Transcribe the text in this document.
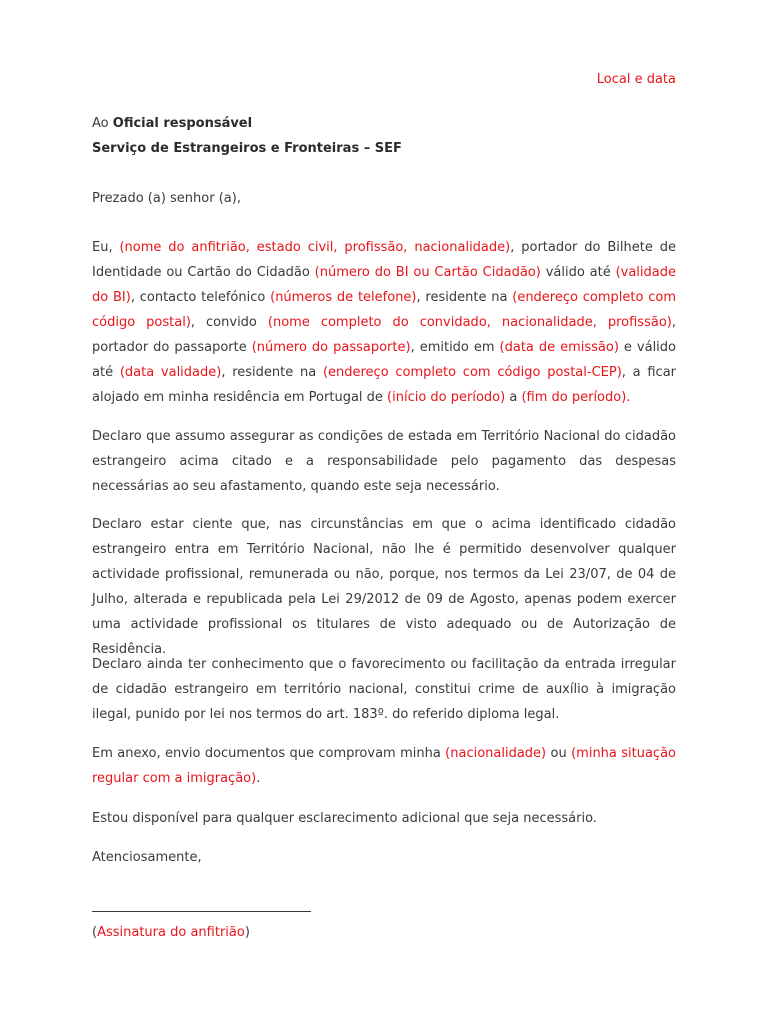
Local e data

Ao Oficial responsável

Serviço de Estrangeiros e Fronteiras – SEF

Prezado (a) senhor (a),

Eu, (nome do anfitrião, estado civil, profissão, nacionalidade), portador do Bilhete de Identidade ou Cartão do Cidadão (número do BI ou Cartão Cidadão) válido até (validade do BI), contacto telefónico (números de telefone), residente na (endereço completo com código postal), convido (nome completo do convidado, nacionalidade, profissão), portador do passaporte (número do passaporte), emitido em (data de emissão) e válido até (data validade), residente na (endereço completo com código postal-CEP), a ficar alojado em minha residência em Portugal de (início do período) a (fim do período).

Declaro que assumo assegurar as condições de estada em Território Nacional do cidadão estrangeiro acima citado e a responsabilidade pelo pagamento das despesas necessárias ao seu afastamento, quando este seja necessário.

Declaro estar ciente que, nas circunstâncias em que o acima identificado cidadão estrangeiro entra em Território Nacional, não lhe é permitido desenvolver qualquer actividade profissional, remunerada ou não, porque, nos termos da Lei 23/07, de 04 de Julho, alterada e republicada pela Lei 29/2012 de 09 de Agosto, apenas podem exercer uma actividade profissional os titulares de visto adequado ou de Autorização de Residência.

Declaro ainda ter conhecimento que o favorecimento ou facilitação da entrada irregular de cidadão estrangeiro em território nacional, constitui crime de auxílio à imigração ilegal, punido por lei nos termos do art. 183º. do referido diploma legal.

Em anexo, envio documentos que comprovam minha (nacionalidade) ou (minha situação regular com a imigração).

Estou disponível para qualquer esclarecimento adicional que seja necessário.

Atenciosamente,

(Assinatura do anfitrião)
